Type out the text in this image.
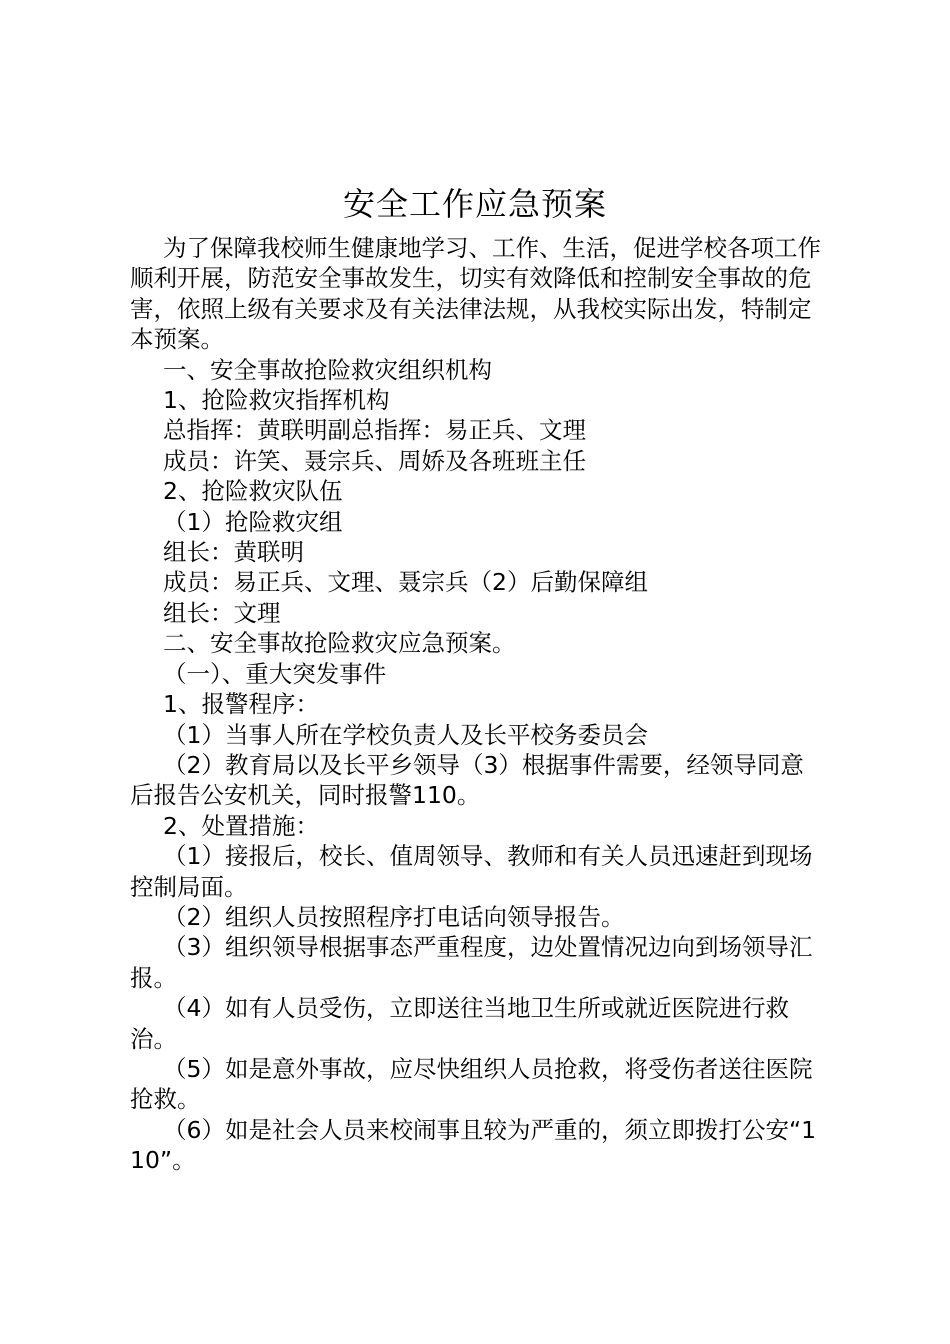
安全工作应急预案

为了保障我校师生健康地学习、工作、生活，促进学校各项工作顺利开展，防范安全事故发生，切实有效降低和控制安全事故的危害，依照上级有关要求及有关法律法规，从我校实际出发，特制定本预案。

一、安全事故抢险救灾组织机构

1、抢险救灾指挥机构

总指挥：黄联明副总指挥：易正兵、文理

成员：许笑、聂宗兵、周娇及各班班主任

2、抢险救灾队伍

（1）抢险救灾组

组长：黄联明

成员：易正兵、文理、聂宗兵（2）后勤保障组

组长：文理

二、安全事故抢险救灾应急预案。

（一）、重大突发事件

1、报警程序：

（1）当事人所在学校负责人及长平校务委员会

（2）教育局以及长平乡领导（3）根据事件需要，经领导同意后报告公安机关，同时报警110。

2、处置措施：

（1）接报后，校长、值周领导、教师和有关人员迅速赶到现场控制局面。

（2）组织人员按照程序打电话向领导报告。

（3）组织领导根据事态严重程度，边处置情况边向到场领导汇报。

（4）如有人员受伤，立即送往当地卫生所或就近医院进行救治。

（5）如是意外事故，应尽快组织人员抢救，将受伤者送往医院抢救。

（6）如是社会人员来校闹事且较为严重的，须立即拨打公安“110”。
